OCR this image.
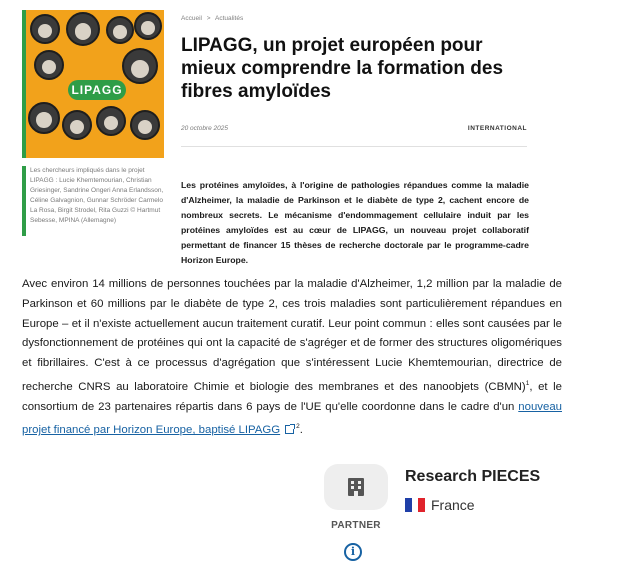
LIPAGG
Les chercheurs impliqués dans le projet LIPAGG : Lucie Khemtemourian, Christian Griesinger, Sandrine Ongeri Anna Erlandsson, Céline Galvagnion, Gunnar Schröder Carmelo La Rosa, Birgit Strodel, Rita Guzzi © Hartmut Sebesse, MPINA (Allemagne)
Accueil > Actualités
LIPAGG, un projet européen pour mieux comprendre la formation des fibres amyloïdes
20 octobre 2025	INTERNATIONAL

Les protéines amyloïdes, à l'origine de pathologies répandues comme la maladie d'Alzheimer, la maladie de Parkinson et le diabète de type 2, cachent encore de nombreux secrets. Le mécanisme d'endommagement cellulaire induit par les protéines amyloïdes est au cœur de LIPAGG, un nouveau projet collaboratif permettant de financer 15 thèses de recherche doctorale par le programme-cadre Horizon Europe.

Avec environ 14 millions de personnes touchées par la maladie d'Alzheimer, 1,2 million par la maladie de Parkinson et 60 millions par le diabète de type 2, ces trois maladies sont particulièrement répandues en Europe – et il n'existe actuellement aucun traitement curatif. Leur point commun : elles sont causées par le dysfonctionnement de protéines qui ont la capacité de s'agréger et de former des structures oligomériques et fibrillaires. C'est à ce processus d'agrégation que s'intéressent Lucie Khemtemourian, directrice de recherche CNRS au laboratoire Chimie et biologie des membranes et des nanoobjets (CBMN)$^1$, et le consortium de 23 partenaires répartis dans 6 pays de l'UE qu'elle coordonne dans le cadre d'un nouveau projet financé par Horizon Europe, baptisé LIPAGG $^2$.

PARTNER
i
Research PIECES
France
